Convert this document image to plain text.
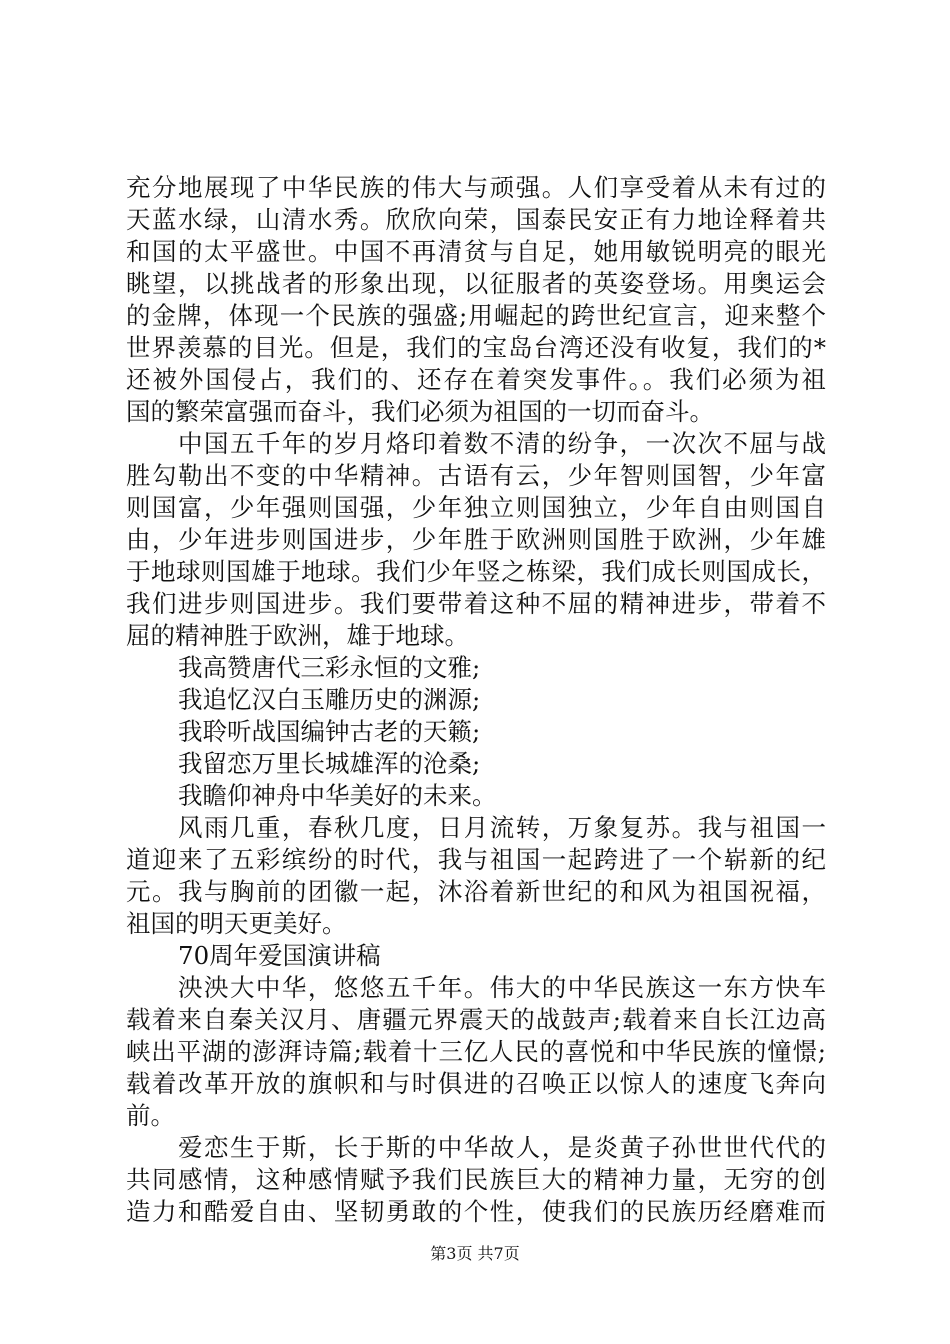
充分地展现了中华民族的伟大与顽强。人们享受着从未有过的
天蓝水绿，山清水秀。欣欣向荣，国泰民安正有力地诠释着共
和国的太平盛世。中国不再清贫与自足，她用敏锐明亮的眼光
眺望，以挑战者的形象出现，以征服者的英姿登场。用奥运会
的金牌，体现一个民族的强盛;用崛起的跨世纪宣言，迎来整个
世界羡慕的目光。但是，我们的宝岛台湾还没有收复，我们的*
还被外国侵占，我们的、还存在着突发事件。。我们必须为祖
国的繁荣富强而奋斗，我们必须为祖国的一切而奋斗。
中国五千年的岁月烙印着数不清的纷争，一次次不屈与战
胜勾勒出不变的中华精神。古语有云，少年智则国智，少年富
则国富，少年强则国强，少年独立则国独立，少年自由则国自
由，少年进步则国进步，少年胜于欧洲则国胜于欧洲，少年雄
于地球则国雄于地球。我们少年竖之栋梁，我们成长则国成长，
我们进步则国进步。我们要带着这种不屈的精神进步，带着不
屈的精神胜于欧洲，雄于地球。
我高赞唐代三彩永恒的文雅;
我追忆汉白玉雕历史的渊源;
我聆听战国编钟古老的天籁;
我留恋万里长城雄浑的沧桑;
我瞻仰神舟中华美好的未来。
风雨几重，春秋几度，日月流转，万象复苏。我与祖国一
道迎来了五彩缤纷的时代，我与祖国一起跨进了一个崭新的纪
元。我与胸前的团徽一起，沐浴着新世纪的和风为祖国祝福，
祖国的明天更美好。
70周年爱国演讲稿
泱泱大中华，悠悠五千年。伟大的中华民族这一东方快车
载着来自秦关汉月、唐疆元界震天的战鼓声;载着来自长江边高
峡出平湖的澎湃诗篇;载着十三亿人民的喜悦和中华民族的憧憬;
载着改革开放的旗帜和与时俱进的召唤正以惊人的速度飞奔向
前。
爱恋生于斯，长于斯的中华故人，是炎黄子孙世世代代的
共同感情，这种感情赋予我们民族巨大的精神力量，无穷的创
造力和酷爱自由、坚韧勇敢的个性，使我们的民族历经磨难而
第3页 共7页
